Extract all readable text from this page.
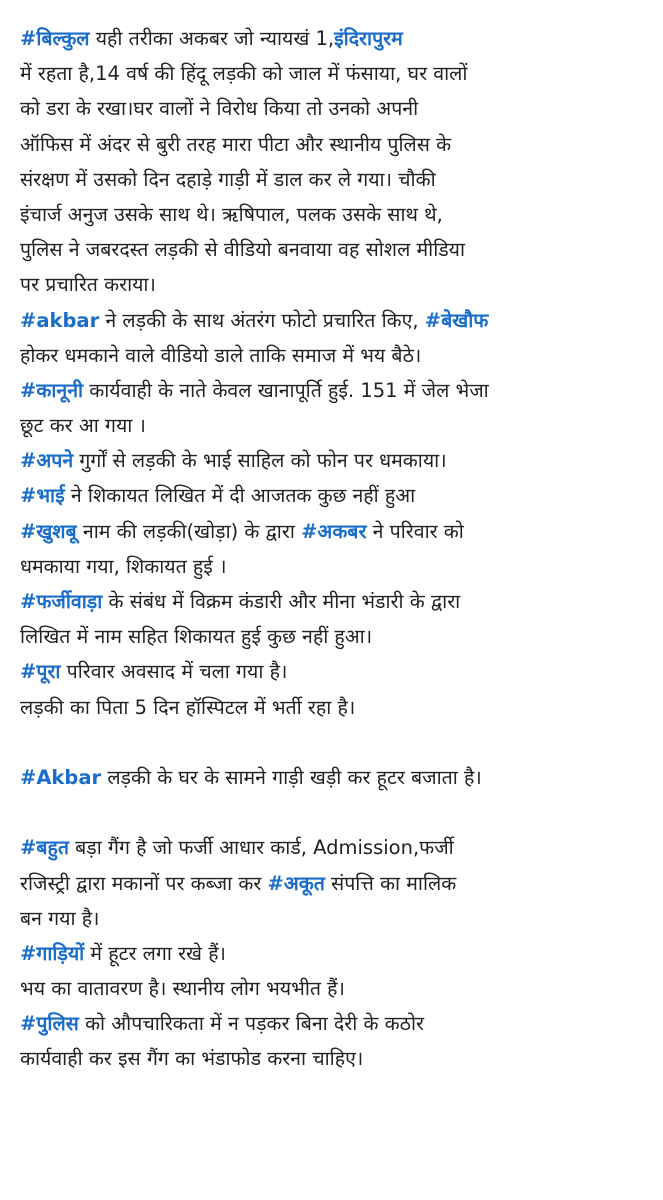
#बिल्कुल यही तरीका अकबर जो न्यायखं 1,इंदिरापुरम
में रहता है,14 वर्ष की हिंदू लड़की को जाल में फंसाया, घर वालों
को डरा के रखा।घर वालों ने विरोध किया तो उनको अपनी
ऑफिस में अंदर से बुरी तरह मारा पीटा और स्थानीय पुलिस के
संरक्षण में उसको दिन दहाड़े गाड़ी में डाल कर ले गया। चौकी
इंचार्ज अनुज उसके साथ थे। ऋषिपाल, पलक उसके साथ थे,
पुलिस ने जबरदस्त लड़की से वीडियो बनवाया वह सोशल मीडिया
पर प्रचारित कराया।
#akbar ने लड़की के साथ अंतरंग फोटो प्रचारित किए, #बेखौफ
होकर धमकाने वाले वीडियो डाले ताकि समाज में भय बैठे।
#कानूनी कार्यवाही के नाते केवल खानापूर्ति हुई. 151 में जेल भेजा
छूट कर आ गया ।
#अपने गुर्गों से लड़की के भाई साहिल को फोन पर धमकाया।
#भाई ने शिकायत लिखित में दी आजतक कुछ नहीं हुआ
#खुशबू नाम की लड़की(खोड़ा) के द्वारा #अकबर ने परिवार को
धमकाया गया, शिकायत हुई ।
#फर्जीवाड़ा के संबंध में विक्रम कंडारी और मीना भंडारी के द्वारा
लिखित में नाम सहित शिकायत हुई कुछ नहीं हुआ।
#पूरा परिवार अवसाद में चला गया है।
लड़की का पिता 5 दिन हॉस्पिटल में भर्ती रहा है।
#Akbar लड़की के घर के सामने गाड़ी खड़ी कर हूटर बजाता है।
#बहुत बड़ा गैंग है जो फर्जी आधार कार्ड, Admission,फर्जी
रजिस्ट्री द्वारा मकानों पर कब्जा कर #अकूत संपत्ति का मालिक
बन गया है।
#गाड़ियों में हूटर लगा रखे हैं।
भय का वातावरण है। स्थानीय लोग भयभीत हैं।
#पुलिस को औपचारिकता में न पड़कर बिना देरी के कठोर
कार्यवाही कर इस गैंग का भंडाफोड करना चाहिए।
